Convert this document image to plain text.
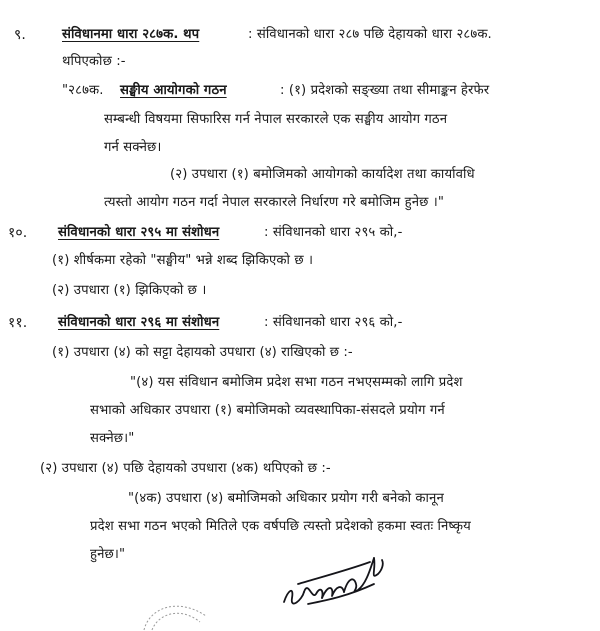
९.	संविधानमा धारा २८७क. थप	: संविधानको धारा २८७ पछि देहायको धारा २८७क.
थपिएकोछ :-
"२८७क. सङ्घीय आयोगको गठन	: (१) प्रदेशको सङ्ख्या तथा सीमाङ्कन हेरफेर
सम्बन्धी विषयमा सिफारिस गर्न नेपाल सरकारले एक सङ्घीय आयोग गठन
गर्न सक्नेछ।
(२) उपधारा (१) बमोजिमको आयोगको कार्यादेश तथा कार्यावधि
त्यस्तो आयोग गठन गर्दा नेपाल सरकारले निर्धारण गरे बमोजिम हुनेछ ।"
१०. संविधानको धारा २९५ मा संशोधन	: संविधानको धारा २९५ को,-
(१) शीर्षकमा रहेको "सङ्घीय" भन्ने शब्द झिकिएको छ ।
(२) उपधारा (१) झिकिएको छ ।
११. संविधानको धारा २९६ मा संशोधन	: संविधानको धारा २९६ को,-
(१) उपधारा (४) को सट्टा देहायको उपधारा (४) राखिएको छ :-
"(४) यस संविधान बमोजिम प्रदेश सभा गठन नभएसम्मको लागि प्रदेश
सभाको अधिकार उपधारा (१) बमोजिमको व्यवस्थापिका-संसदले प्रयोग गर्न
सक्नेछ।"
(२) उपधारा (४) पछि देहायको उपधारा (४क) थपिएको छ :-
"(४क) उपधारा (४) बमोजिमको अधिकार प्रयोग गरी बनेको कानून
प्रदेश सभा गठन भएको मितिले एक वर्षपछि त्यस्तो प्रदेशको हकमा स्वतः निष्कृय
हुनेछ।"
